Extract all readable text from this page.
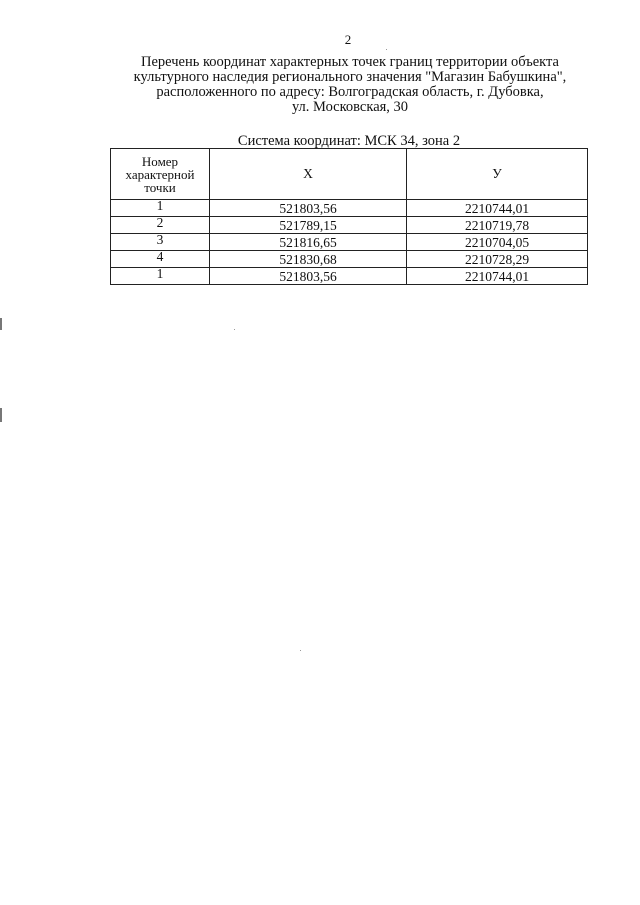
2
Перечень координат характерных точек границ территории объекта
культурного наследия регионального значения "Магазин Бабушкина",
расположенного по адресу: Волгоградская область, г. Дубовка,
ул. Московская, 30
Система координат: МСК 34, зона 2
Номер
характерной
точки	X	У
1	521803,56	2210744,01
2	521789,15	2210719,78
3	521816,65	2210704,05
4	521830,68	2210728,29
1	521803,56	2210744,01
